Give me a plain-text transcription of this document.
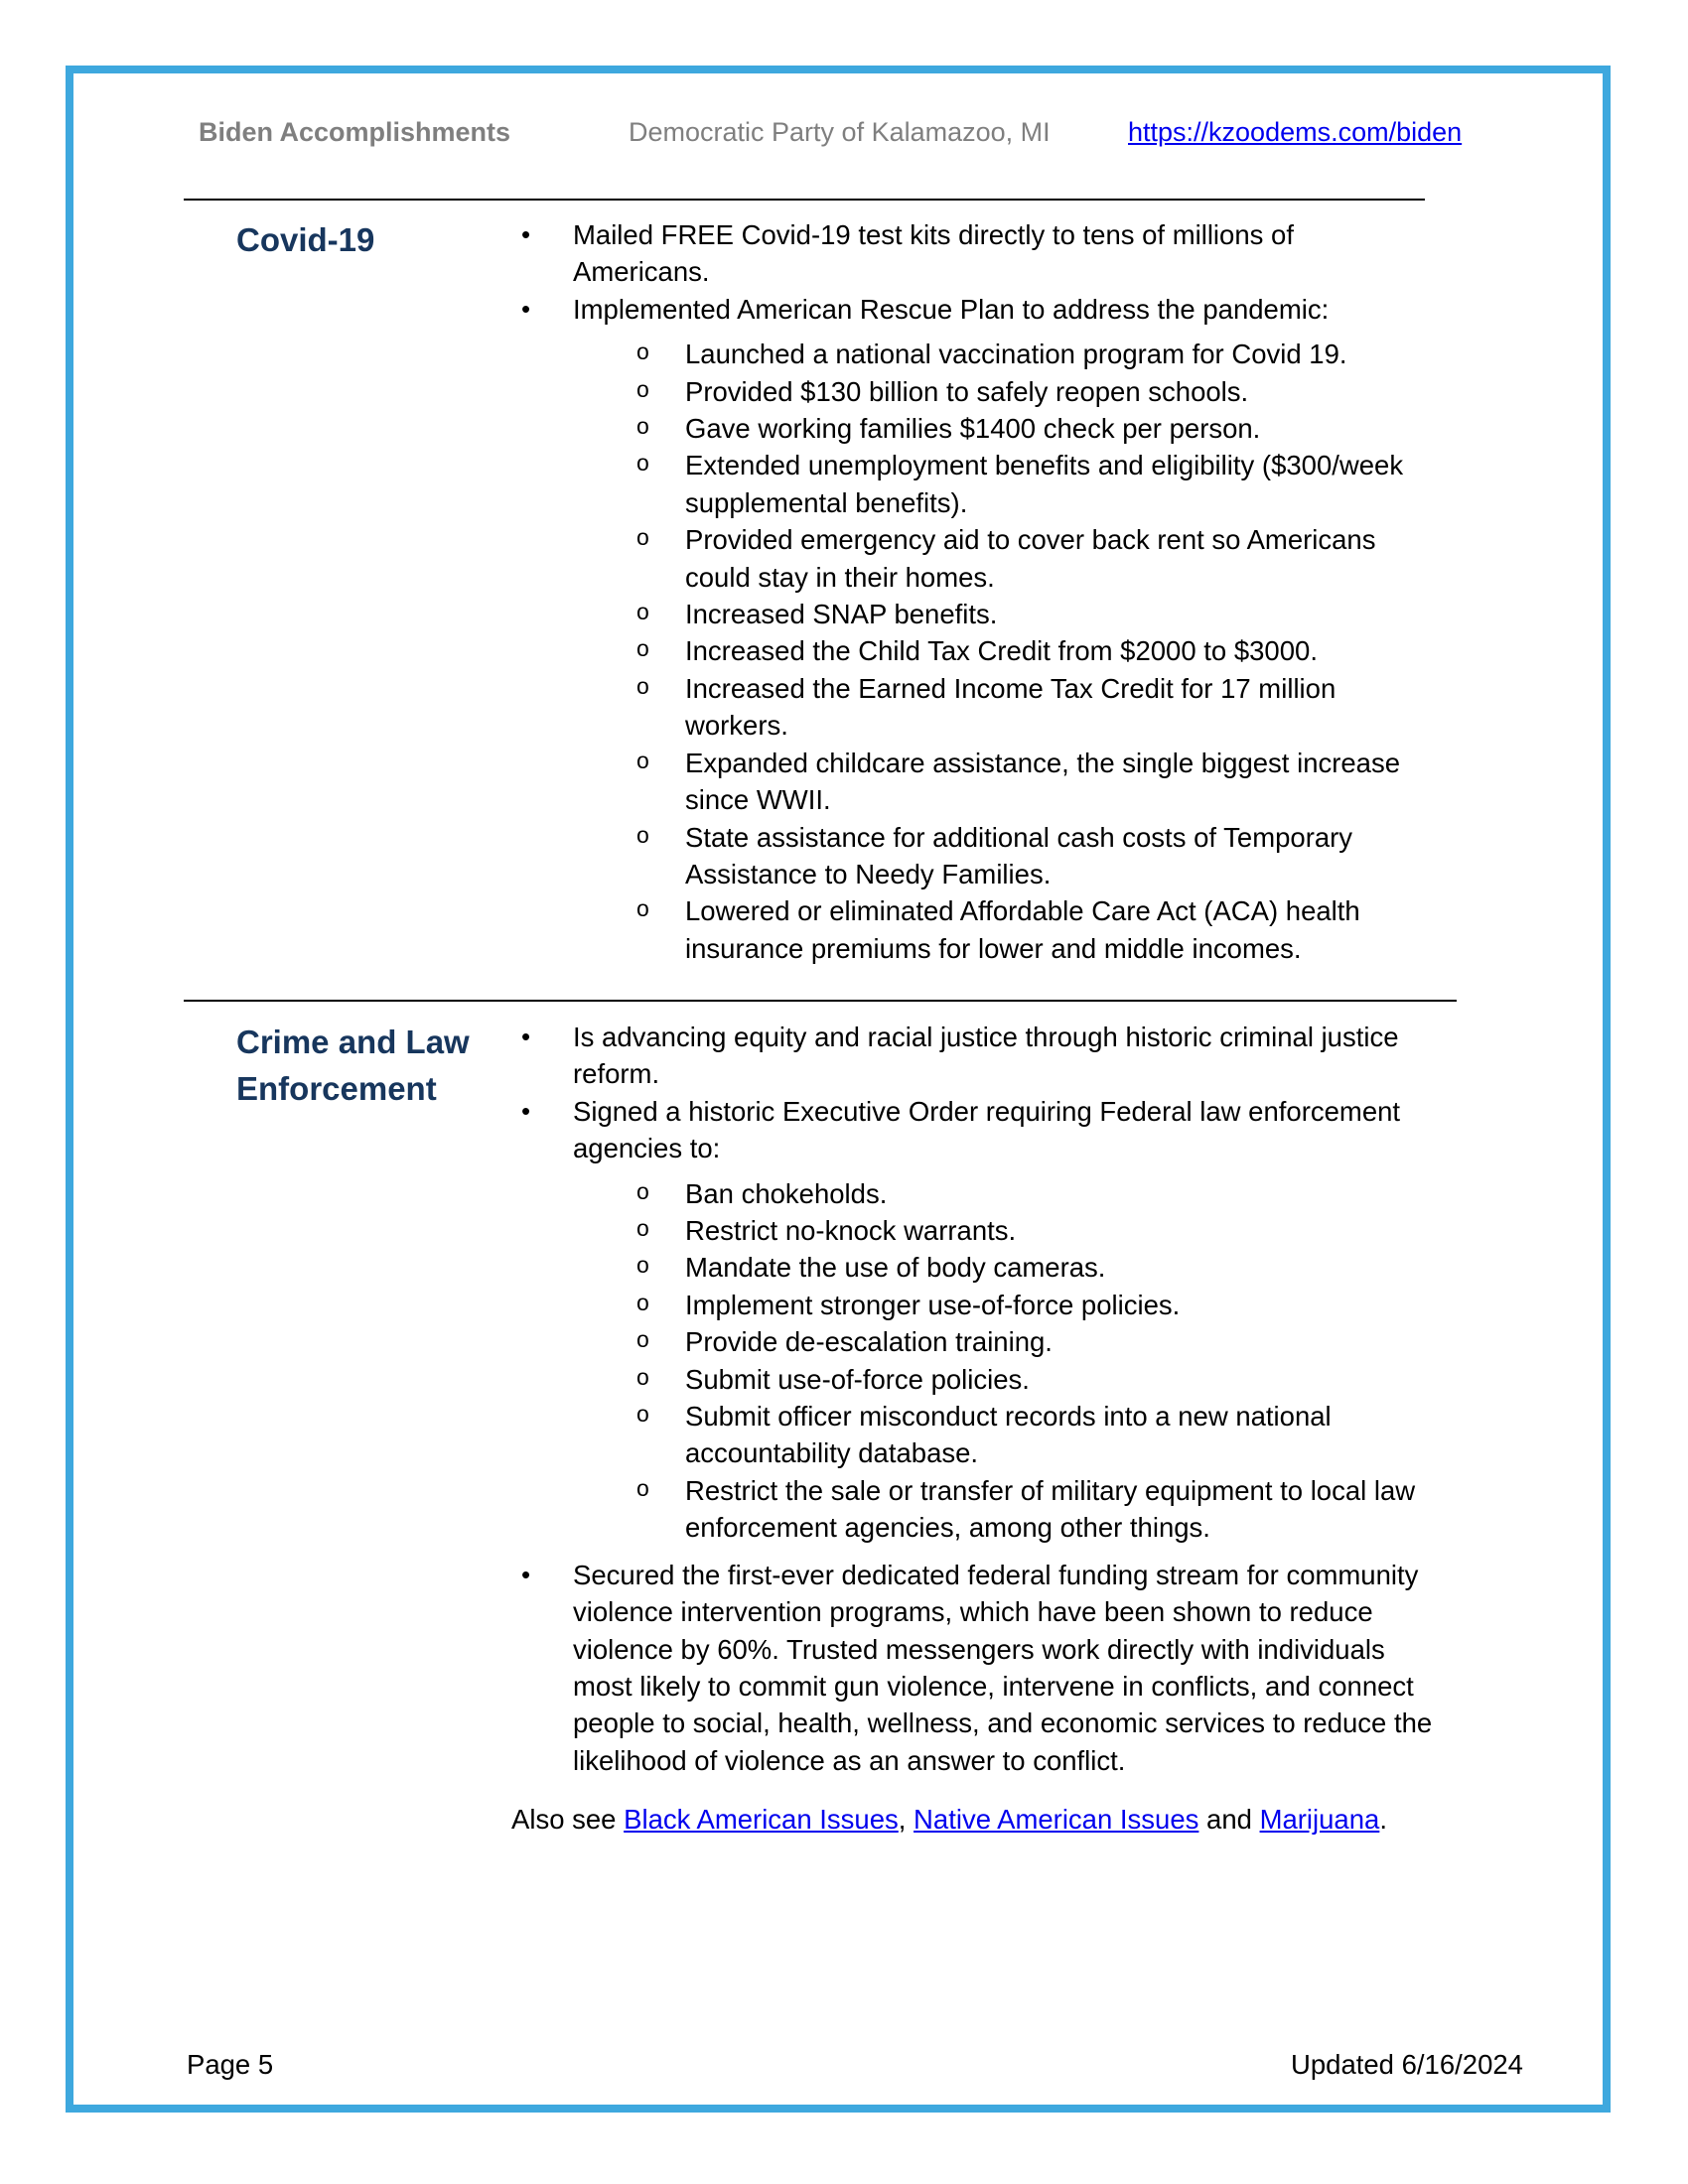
Biden Accomplishments	Democratic Party of Kalamazoo, MI	https://kzoodems.com/biden
Covid-19
•	Mailed FREE Covid-19 test kits directly to tens of millions of Americans.
• Implemented American Rescue Plan to address the pandemic:
o Launched a national vaccination program for Covid 19.
o Provided $130 billion to safely reopen schools.
o Gave working families $1400 check per person.
o Extended unemployment benefits and eligibility ($300/week supplemental benefits).
o Provided emergency aid to cover back rent so Americans could stay in their homes.
o Increased SNAP benefits.
o Increased the Child Tax Credit from $2000 to $3000.
o Increased the Earned Income Tax Credit for 17 million workers.
o Expanded childcare assistance, the single biggest increase since WWII.
o State assistance for additional cash costs of Temporary Assistance to Needy Families.
o Lowered or eliminated Affordable Care Act (ACA) health insurance premiums for lower and middle incomes.
Crime and Law Enforcement
• Is advancing equity and racial justice through historic criminal justice reform.
• Signed a historic Executive Order requiring Federal law enforcement agencies to:
o Ban chokeholds.
o Restrict no-knock warrants.
o Mandate the use of body cameras.
o Implement stronger use-of-force policies.
o Provide de-escalation training.
o Submit use-of-force policies.
o Submit officer misconduct records into a new national accountability database.
o Restrict the sale or transfer of military equipment to local law enforcement agencies, among other things.
• Secured the first-ever dedicated federal funding stream for community violence intervention programs, which have been shown to reduce violence by 60%. Trusted messengers work directly with individuals most likely to commit gun violence, intervene in conflicts, and connect people to social, health, wellness, and economic services to reduce the likelihood of violence as an answer to conflict.
Also see Black American Issues, Native American Issues and Marijuana.
Page 5	Updated 6/16/2024
